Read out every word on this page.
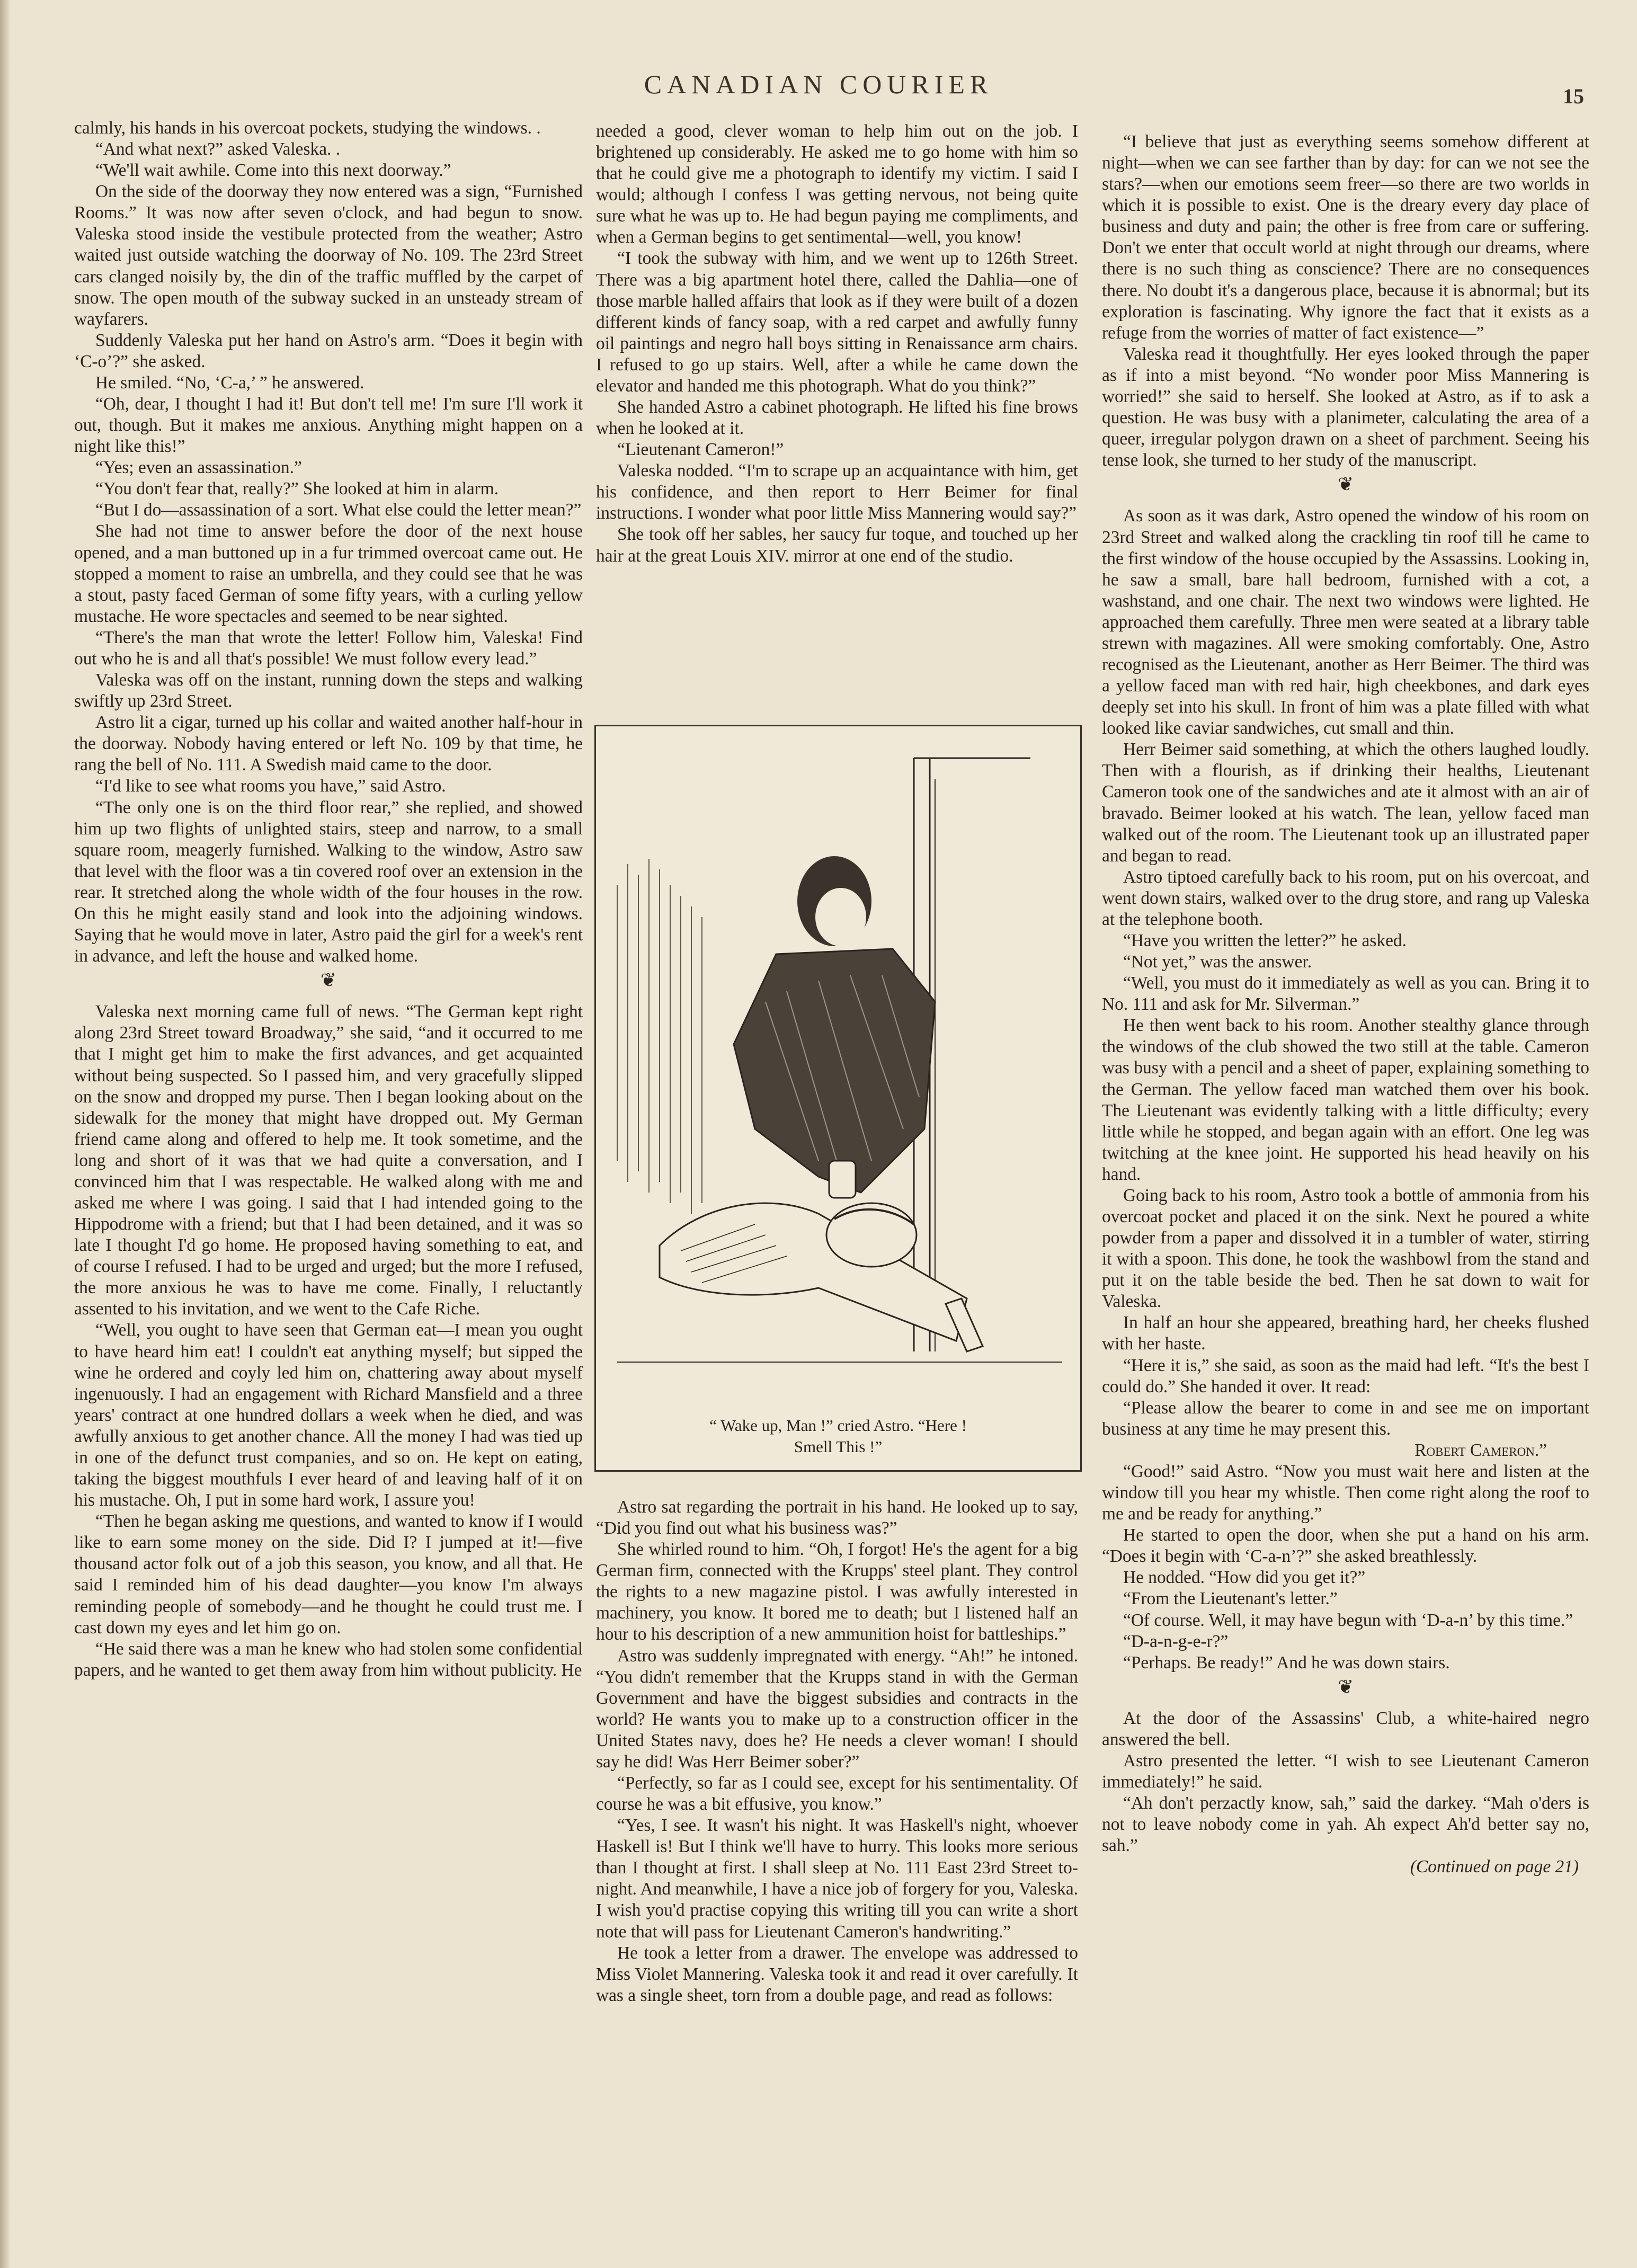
CANADIAN COURIER	15

calmly, his hands in his overcoat pockets, studying the windows. .

“And what next?” asked Valeska. .

“We'll wait awhile. Come into this next doorway.”

On the side of the doorway they now entered was a sign, “Furnished Rooms.” It was now after seven o'clock, and had begun to snow. Valeska stood inside the vestibule protected from the weather; Astro waited just outside watching the doorway of No. 109. The 23rd Street cars clanged noisily by, the din of the traffic muffled by the carpet of snow. The open mouth of the subway sucked in an unsteady stream of wayfarers.

Suddenly Valeska put her hand on Astro's arm. “Does it begin with ‘C-o’?” she asked.

He smiled. “No, ‘C-a,’ ” he answered.

“Oh, dear, I thought I had it! But don't tell me! I'm sure I'll work it out, though. But it makes me anxious. Anything might happen on a night like this!”

“Yes; even an assassination.”

“You don't fear that, really?” She looked at him in alarm.

“But I do—assassination of a sort. What else could the letter mean?”

She had not time to answer before the door of the next house opened, and a man buttoned up in a fur trimmed overcoat came out. He stopped a moment to raise an umbrella, and they could see that he was a stout, pasty faced German of some fifty years, with a curling yellow mustache. He wore spectacles and seemed to be near sighted.

“There's the man that wrote the letter! Follow him, Valeska! Find out who he is and all that's possible! We must follow every lead.”

Valeska was off on the instant, running down the steps and walking swiftly up 23rd Street.

Astro lit a cigar, turned up his collar and waited another half-hour in the doorway. Nobody having entered or left No. 109 by that time, he rang the bell of No. 111. A Swedish maid came to the door.

“I'd like to see what rooms you have,” said Astro.

“The only one is on the third floor rear,” she replied, and showed him up two flights of unlighted stairs, steep and narrow, to a small square room, meagerly furnished. Walking to the window, Astro saw that level with the floor was a tin covered roof over an extension in the rear. It stretched along the whole width of the four houses in the row. On this he might easily stand and look into the adjoining windows. Saying that he would move in later, Astro paid the girl for a week's rent in advance, and left the house and walked home.

❦

Valeska next morning came full of news. “The German kept right along 23rd Street toward Broadway,” she said, “and it occurred to me that I might get him to make the first advances, and get acquainted without being suspected. So I passed him, and very gracefully slipped on the snow and dropped my purse. Then I began looking about on the sidewalk for the money that might have dropped out. My German friend came along and offered to help me. It took sometime, and the long and short of it was that we had quite a conversation, and I convinced him that I was respectable. He walked along with me and asked me where I was going. I said that I had intended going to the Hippodrome with a friend; but that I had been detained, and it was so late I thought I'd go home. He proposed having something to eat, and of course I refused. I had to be urged and urged; but the more I refused, the more anxious he was to have me come. Finally, I reluctantly assented to his invitation, and we went to the Cafe Riche.

“Well, you ought to have seen that German eat—I mean you ought to have heard him eat! I couldn't eat anything myself; but sipped the wine he ordered and coyly led him on, chattering away about myself ingenuously. I had an engagement with Richard Mansfield and a three years' contract at one hundred dollars a week when he died, and was awfully anxious to get another chance. All the money I had was tied up in one of the defunct trust companies, and so on. He kept on eating, taking the biggest mouthfuls I ever heard of and leaving half of it on his mustache. Oh, I put in some hard work, I assure you!

“Then he began asking me questions, and wanted to know if I would like to earn some money on the side. Did I? I jumped at it!—five thousand actor folk out of a job this season, you know, and all that. He said I reminded him of his dead daughter—you know I'm always reminding people of somebody—and he thought he could trust me. I cast down my eyes and let him go on.

“He said there was a man he knew who had stolen some confidential papers, and he wanted to get them away from him without publicity. He

needed a good, clever woman to help him out on the job. I brightened up considerably. He asked me to go home with him so that he could give me a photograph to identify my victim. I said I would; although I confess I was getting nervous, not being quite sure what he was up to. He had begun paying me compliments, and when a German begins to get sentimental—well, you know!

“I took the subway with him, and we went up to 126th Street. There was a big apartment hotel there, called the Dahlia—one of those marble halled affairs that look as if they were built of a dozen different kinds of fancy soap, with a red carpet and awfully funny oil paintings and negro hall boys sitting in Renaissance arm chairs. I refused to go up stairs. Well, after a while he came down the elevator and handed me this photograph. What do you think?”

She handed Astro a cabinet photograph. He lifted his fine brows when he looked at it.

“Lieutenant Cameron!”

Valeska nodded. “I'm to scrape up an acquaintance with him, get his confidence, and then report to Herr Beimer for final instructions. I wonder what poor little Miss Mannering would say?”

She took off her sables, her saucy fur toque, and touched up her hair at the great Louis XIV. mirror at one end of the studio.

“ Wake up, Man !” cried Astro. “Here !
Smell This !”

Astro sat regarding the portrait in his hand. He looked up to say, “Did you find out what his business was?”

She whirled round to him. “Oh, I forgot! He's the agent for a big German firm, connected with the Krupps' steel plant. They control the rights to a new magazine pistol. I was awfully interested in machinery, you know. It bored me to death; but I listened half an hour to his description of a new ammunition hoist for battleships.”

Astro was suddenly impregnated with energy. “Ah!” he intoned. “You didn't remember that the Krupps stand in with the German Government and have the biggest subsidies and contracts in the world? He wants you to make up to a construction officer in the United States navy, does he? He needs a clever woman! I should say he did! Was Herr Beimer sober?”

“Perfectly, so far as I could see, except for his sentimentality. Of course he was a bit effusive, you know.”

“Yes, I see. It wasn't his night. It was Haskell's night, whoever Haskell is! But I think we'll have to hurry. This looks more serious than I thought at first. I shall sleep at No. 111 East 23rd Street to-night. And meanwhile, I have a nice job of forgery for you, Valeska. I wish you'd practise copying this writing till you can write a short note that will pass for Lieutenant Cameron's handwriting.”

He took a letter from a drawer. The envelope was addressed to Miss Violet Mannering. Valeska took it and read it over carefully. It was a single sheet, torn from a double page, and read as follows:

“I believe that just as everything seems somehow different at night—when we can see farther than by day: for can we not see the stars?—when our emotions seem freer—so there are two worlds in which it is possible to exist. One is the dreary every day place of business and duty and pain; the other is free from care or suffering. Don't we enter that occult world at night through our dreams, where there is no such thing as conscience? There are no consequences there. No doubt it's a dangerous place, because it is abnormal; but its exploration is fascinating. Why ignore the fact that it exists as a refuge from the worries of matter of fact existence—”

Valeska read it thoughtfully. Her eyes looked through the paper as if into a mist beyond. “No wonder poor Miss Mannering is worried!” she said to herself. She looked at Astro, as if to ask a question. He was busy with a planimeter, calculating the area of a queer, irregular polygon drawn on a sheet of parchment. Seeing his tense look, she turned to her study of the manuscript.

❦

As soon as it was dark, Astro opened the window of his room on 23rd Street and walked along the crackling tin roof till he came to the first window of the house occupied by the Assassins. Looking in, he saw a small, bare hall bedroom, furnished with a cot, a washstand, and one chair. The next two windows were lighted. He approached them carefully. Three men were seated at a library table strewn with magazines. All were smoking comfortably. One, Astro recognised as the Lieutenant, another as Herr Beimer. The third was a yellow faced man with red hair, high cheekbones, and dark eyes deeply set into his skull. In front of him was a plate filled with what looked like caviar sandwiches, cut small and thin.

Herr Beimer said something, at which the others laughed loudly. Then with a flourish, as if drinking their healths, Lieutenant Cameron took one of the sandwiches and ate it almost with an air of bravado. Beimer looked at his watch. The lean, yellow faced man walked out of the room. The Lieutenant took up an illustrated paper and began to read.

Astro tiptoed carefully back to his room, put on his overcoat, and went down stairs, walked over to the drug store, and rang up Valeska at the telephone booth.

“Have you written the letter?” he asked.

“Not yet,” was the answer.

“Well, you must do it immediately as well as you can. Bring it to No. 111 and ask for Mr. Silverman.”

He then went back to his room. Another stealthy glance through the windows of the club showed the two still at the table. Cameron was busy with a pencil and a sheet of paper, explaining something to the German. The yellow faced man watched them over his book. The Lieutenant was evidently talking with a little difficulty; every little while he stopped, and began again with an effort. One leg was twitching at the knee joint. He supported his head heavily on his hand.

Going back to his room, Astro took a bottle of ammonia from his overcoat pocket and placed it on the sink. Next he poured a white powder from a paper and dissolved it in a tumbler of water, stirring it with a spoon. This done, he took the washbowl from the stand and put it on the table beside the bed. Then he sat down to wait for Valeska.

In half an hour she appeared, breathing hard, her cheeks flushed with her haste.

“Here it is,” she said, as soon as the maid had left. “It's the best I could do.” She handed it over. It read:

“Please allow the bearer to come in and see me on important business at any time he may present this.

Robert Cameron.”

“Good!” said Astro. “Now you must wait here and listen at the window till you hear my whistle. Then come right along the roof to me and be ready for anything.”

He started to open the door, when she put a hand on his arm. “Does it begin with ‘C-a-n’?” she asked breathlessly.

He nodded. “How did you get it?”

“From the Lieutenant's letter.”

“Of course. Well, it may have begun with ‘D-a-n’ by this time.”

“D-a-n-g-e-r?”

“Perhaps. Be ready!” And he was down stairs.

❦

At the door of the Assassins' Club, a white-haired negro answered the bell.

Astro presented the letter. “I wish to see Lieutenant Cameron immediately!” he said.

“Ah don't perzactly know, sah,” said the darkey. “Mah o'ders is not to leave nobody come in yah. Ah expect Ah'd better say no, sah.”

(Continued on page 21)
